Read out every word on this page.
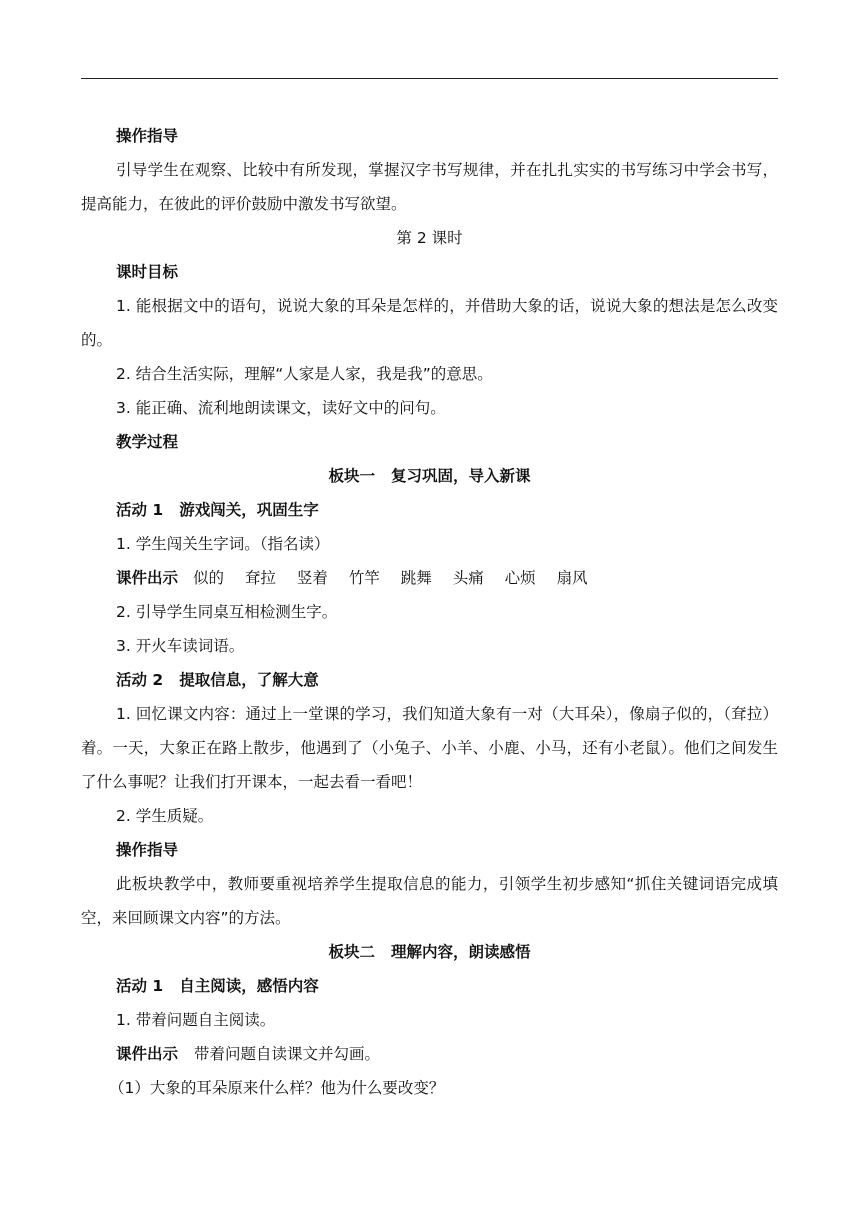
操作指导
引导学生在观察、比较中有所发现，掌握汉字书写规律，并在扎扎实实的书写练习中学会书写，提高能力，在彼此的评价鼓励中激发书写欲望。
第 2 课时
课时目标
1. 能根据文中的语句，说说大象的耳朵是怎样的，并借助大象的话，说说大象的想法是怎么改变的。
2. 结合生活实际，理解“人家是人家，我是我”的意思。
3. 能正确、流利地朗读课文，读好文中的问句。
教学过程
板块一 复习巩固，导入新课
活动 1 游戏闯关，巩固生字
1. 学生闯关生字词。（指名读）
课件出示 似的 耷拉 竖着 竹竿 跳舞 头痛 心烦 扇风
2. 引导学生同桌互相检测生字。
3. 开火车读词语。
活动 2 提取信息，了解大意
1. 回忆课文内容：通过上一堂课的学习，我们知道大象有一对（大耳朵），像扇子似的，（耷拉）着。一天，大象正在路上散步，他遇到了（小兔子、小羊、小鹿、小马，还有小老鼠）。他们之间发生了什么事呢？让我们打开课本，一起去看一看吧！
2. 学生质疑。
操作指导
此板块教学中，教师要重视培养学生提取信息的能力，引领学生初步感知“抓住关键词语完成填空，来回顾课文内容”的方法。
板块二 理解内容，朗读感悟
活动 1 自主阅读，感悟内容
1. 带着问题自主阅读。
课件出示 带着问题自读课文并勾画。
（1）大象的耳朵原来什么样？他为什么要改变？
